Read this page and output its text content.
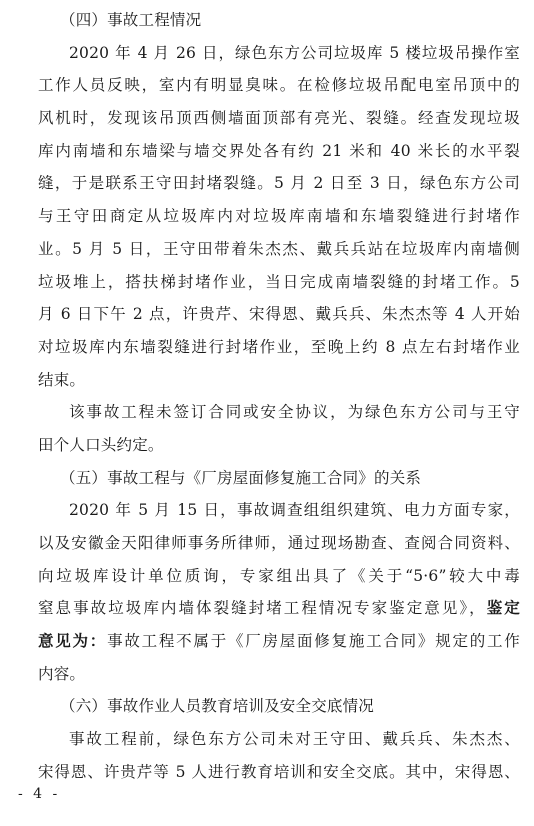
（四）事故工程情况
2020 年 4 月 26 日，绿色东方公司垃圾库 5 楼垃圾吊操作室
工作人员反映，室内有明显臭味。在检修垃圾吊配电室吊顶中的
风机时，发现该吊顶西侧墙面顶部有亮光、裂缝。经查发现垃圾
库内南墙和东墙梁与墙交界处各有约 21 米和 40 米长的水平裂
缝，于是联系王守田封堵裂缝。5 月 2 日至 3 日，绿色东方公司
与王守田商定从垃圾库内对垃圾库南墙和东墙裂缝进行封堵作
业。5 月 5 日，王守田带着朱杰杰、戴兵兵站在垃圾库内南墙侧
垃圾堆上，搭扶梯封堵作业，当日完成南墙裂缝的封堵工作。5
月 6 日下午 2 点，许贵芹、宋得恩、戴兵兵、朱杰杰等 4 人开始
对垃圾库内东墙裂缝进行封堵作业，至晚上约 8 点左右封堵作业
结束。
该事故工程未签订合同或安全协议，为绿色东方公司与王守
田个人口头约定。
（五）事故工程与《厂房屋面修复施工合同》的关系
2020 年 5 月 15 日，事故调查组组织建筑、电力方面专家，
以及安徽金天阳律师事务所律师，通过现场勘查、查阅合同资料、
向垃圾库设计单位质询，专家组出具了《关于“5·6”较大中毒
窒息事故垃圾库内墙体裂缝封堵工程情况专家鉴定意见》，鉴定
意见为：事故工程不属于《厂房屋面修复施工合同》规定的工作
内容。
（六）事故作业人员教育培训及安全交底情况
事故工程前，绿色东方公司未对王守田、戴兵兵、朱杰杰、
宋得恩、许贵芹等 5 人进行教育培训和安全交底。其中，宋得恩、
- 4 -
